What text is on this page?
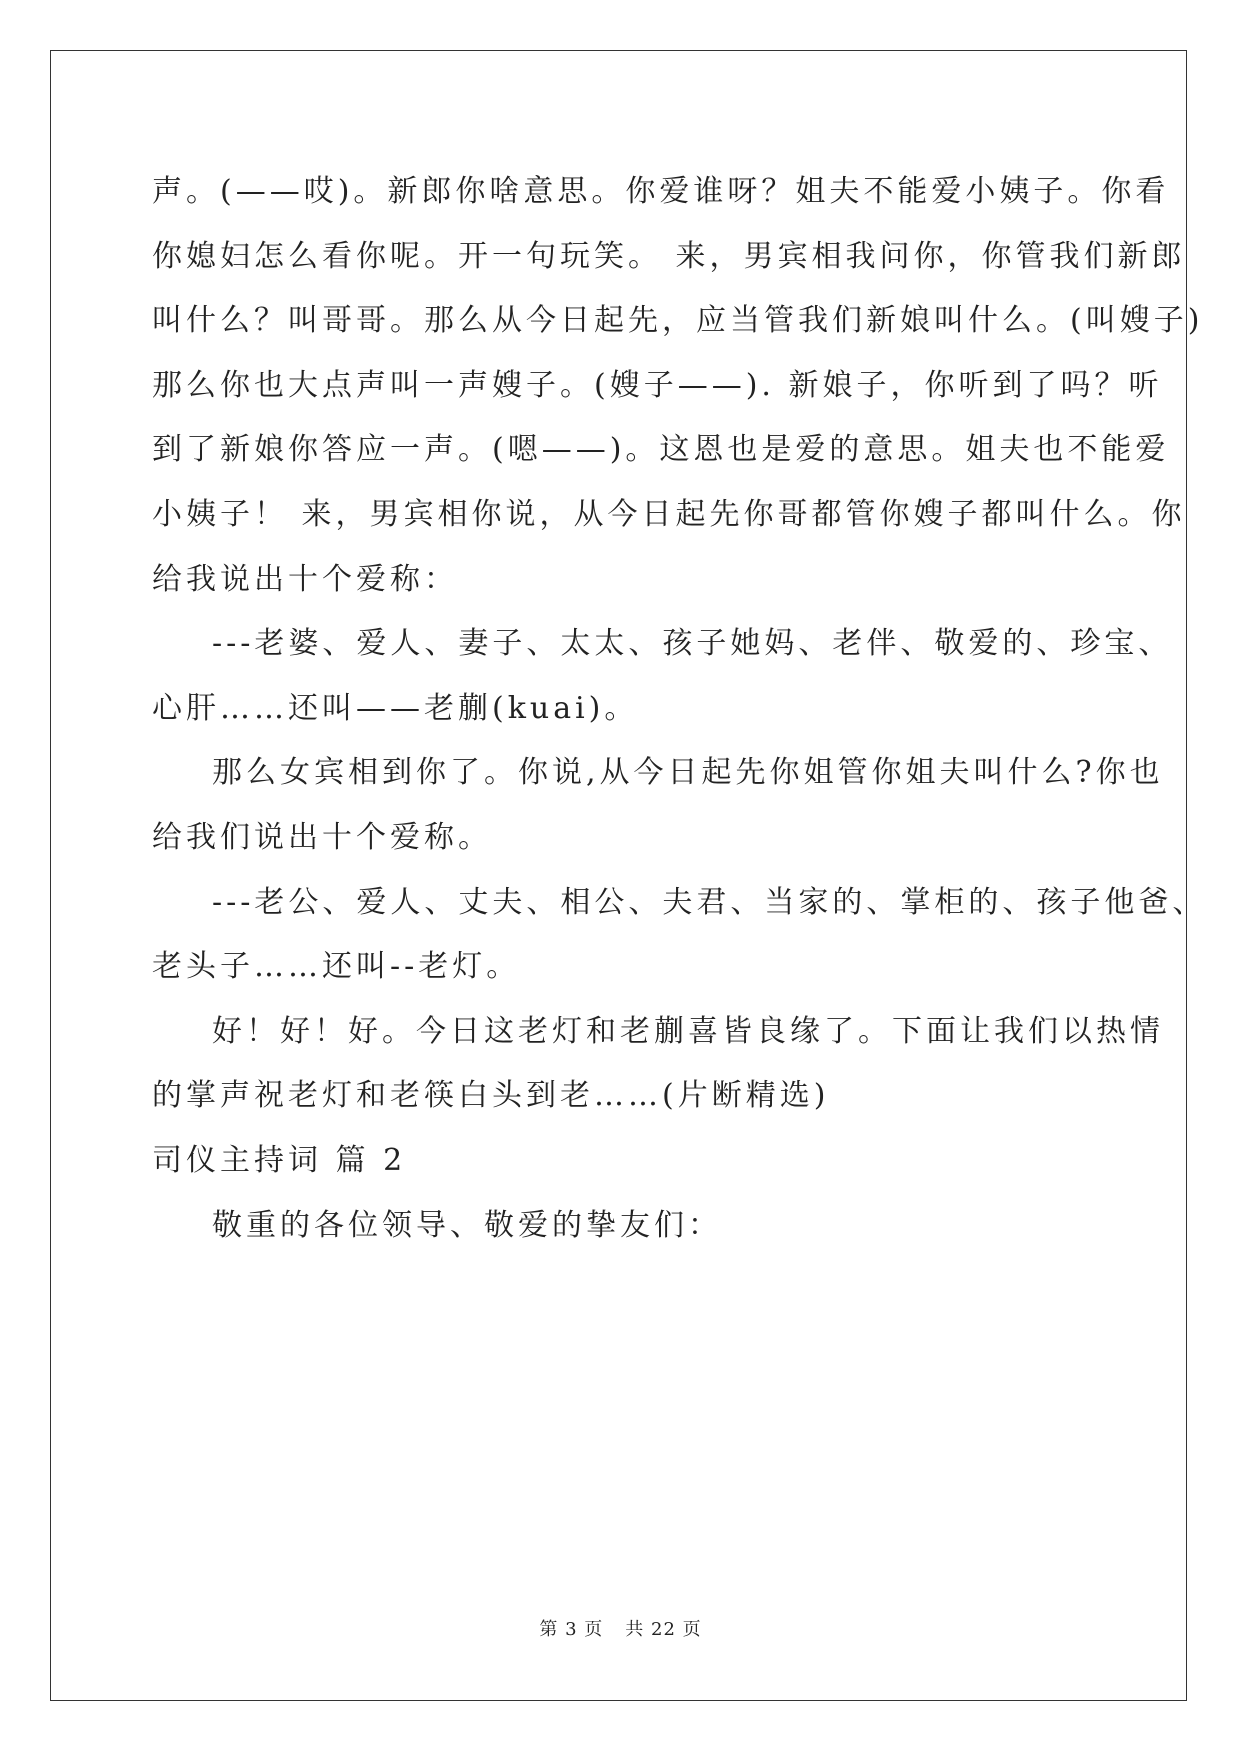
声。(——哎)。新郎你啥意思。你爱谁呀？姐夫不能爱小姨子。你看
你媳妇怎么看你呢。开一句玩笑。 来，男宾相我问你，你管我们新郎
叫什么？叫哥哥。那么从今日起先，应当管我们新娘叫什么。(叫嫂子)
那么你也大点声叫一声嫂子。(嫂子——). 新娘子，你听到了吗？听
到了新娘你答应一声。(嗯——)。这恩也是爱的意思。姐夫也不能爱
小姨子！ 来，男宾相你说，从今日起先你哥都管你嫂子都叫什么。你
给我说出十个爱称：
---老婆、爱人、妻子、太太、孩子她妈、老伴、敬爱的、珍宝、
心肝……还叫——老蒯(kuai)。
那么女宾相到你了。你说,从今日起先你姐管你姐夫叫什么?你也
给我们说出十个爱称。
---老公、爱人、丈夫、相公、夫君、当家的、掌柜的、孩子他爸、
老头子……还叫--老灯。
好！好！好。今日这老灯和老蒯喜皆良缘了。下面让我们以热情
的掌声祝老灯和老筷白头到老……(片断精选)
司仪主持词 篇 2
敬重的各位领导、敬爱的挚友们：
第 3 页 共 22 页
